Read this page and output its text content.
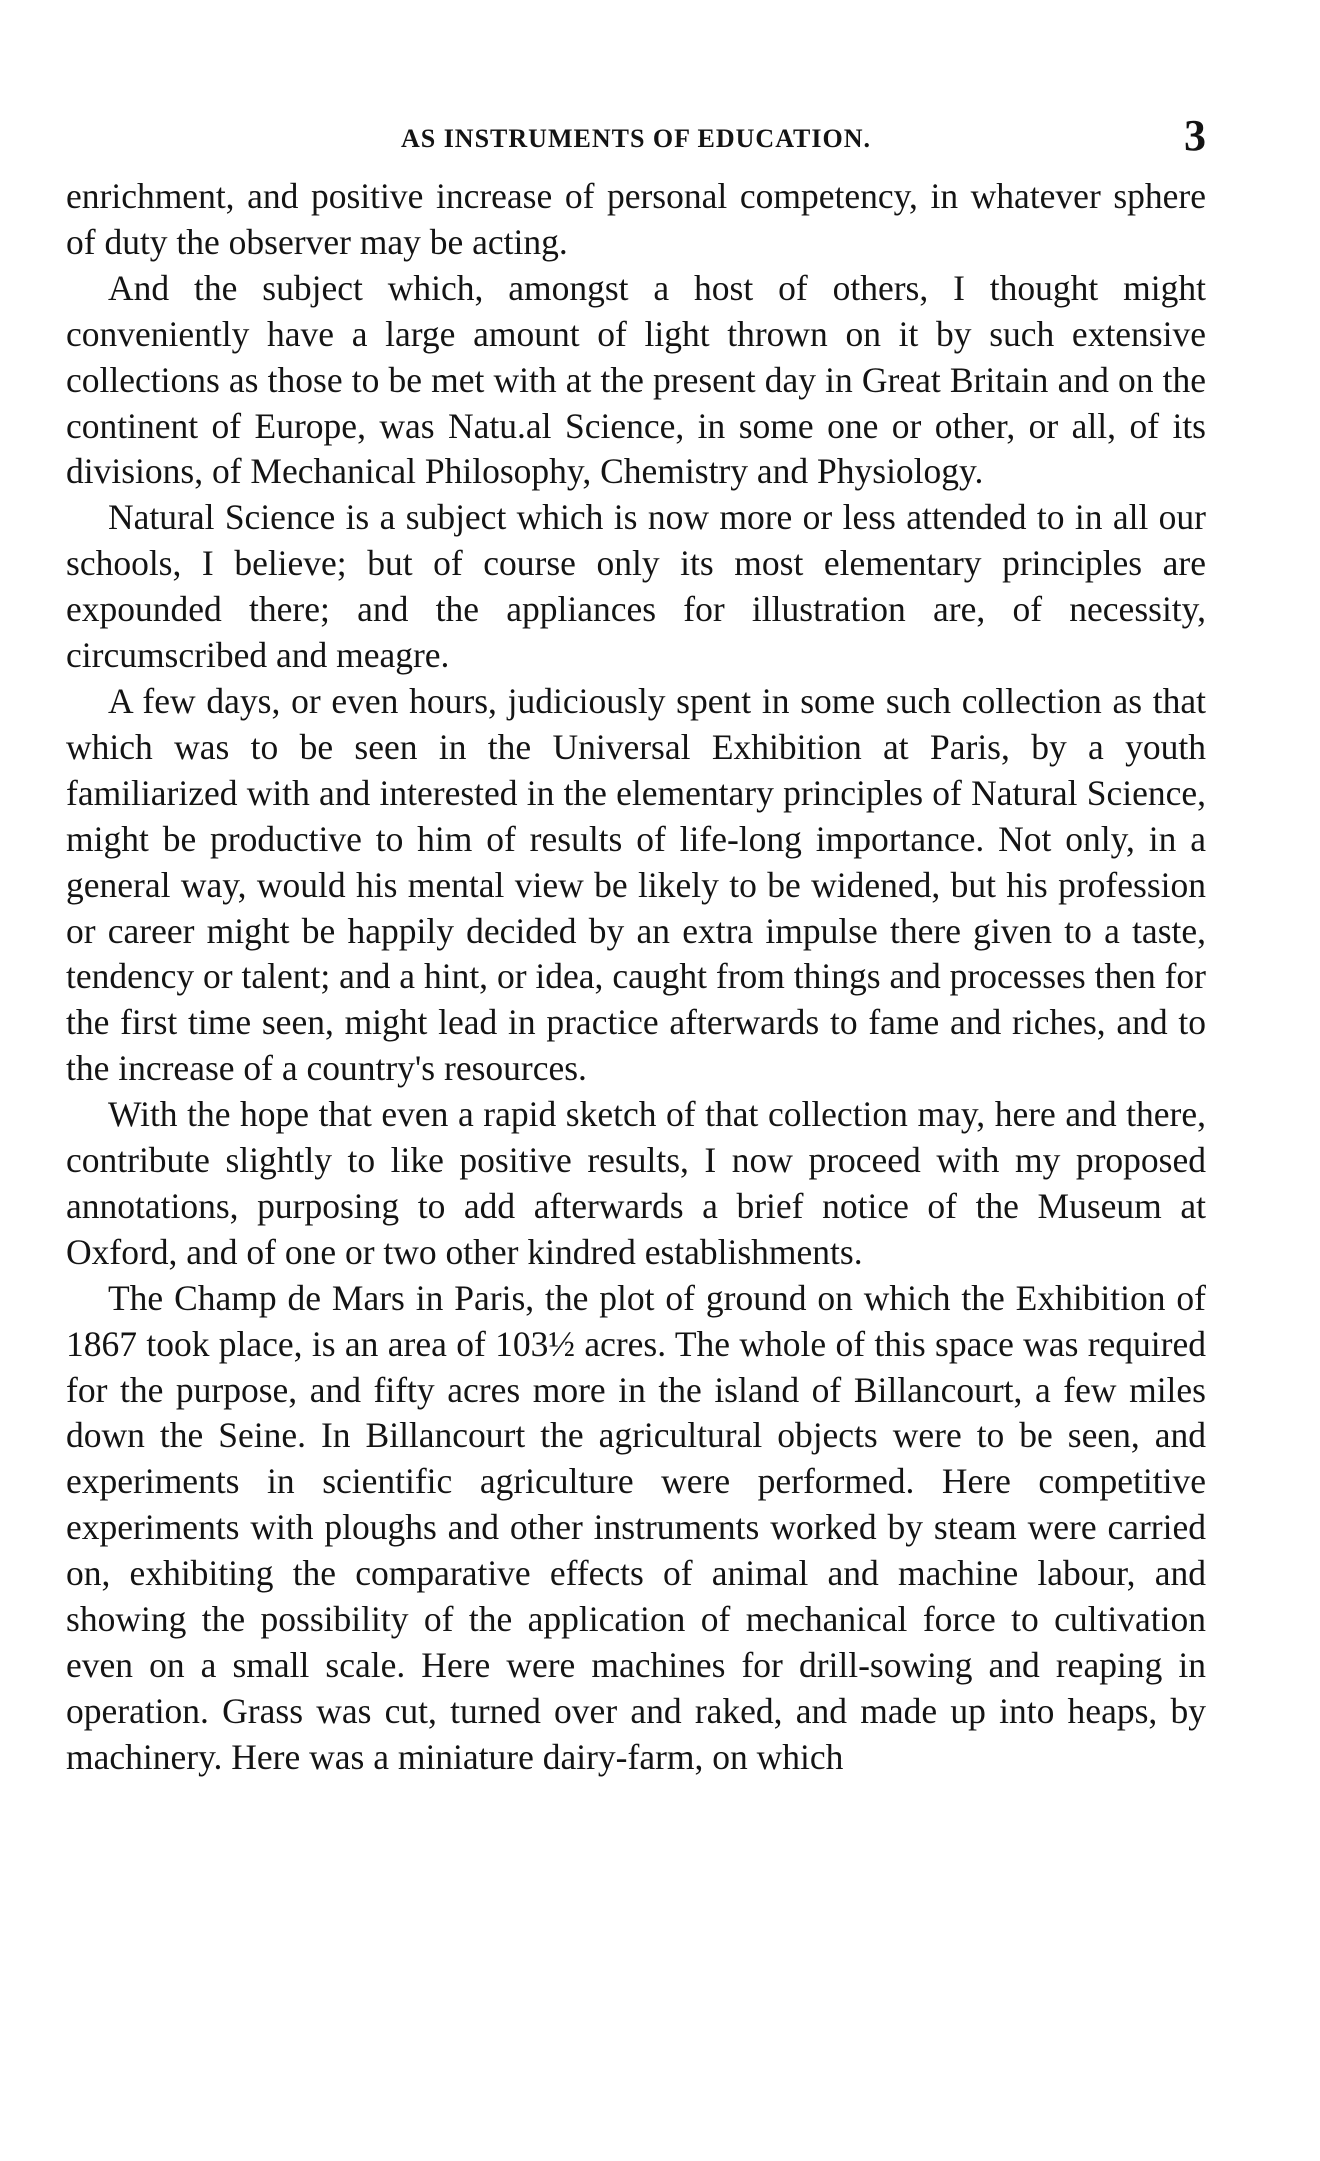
AS INSTRUMENTS OF EDUCATION.	3

enrichment, and positive increase of personal competency, in whatever sphere of duty the observer may be acting.

And the subject which, amongst a host of others, I thought might conveniently have a large amount of light thrown on it by such extensive collections as those to be met with at the present day in Great Britain and on the continent of Europe, was Natu.al Science, in some one or other, or all, of its divisions, of Mechanical Philosophy, Chemistry and Physiology.

Natural Science is a subject which is now more or less attended to in all our schools, I believe; but of course only its most elementary principles are expounded there; and the appliances for illustration are, of necessity, circumscribed and meagre.

A few days, or even hours, judiciously spent in some such collection as that which was to be seen in the Universal Exhibition at Paris, by a youth familiarized with and interested in the elementary principles of Natural Science, might be productive to him of results of life-long importance. Not only, in a general way, would his mental view be likely to be widened, but his profession or career might be happily decided by an extra impulse there given to a taste, tendency or talent; and a hint, or idea, caught from things and processes then for the first time seen, might lead in practice afterwards to fame and riches, and to the increase of a country's resources.

With the hope that even a rapid sketch of that collection may, here and there, contribute slightly to like positive results, I now proceed with my proposed annotations, purposing to add afterwards a brief notice of the Museum at Oxford, and of one or two other kindred establishments.

The Champ de Mars in Paris, the plot of ground on which the Exhibition of 1867 took place, is an area of 103½ acres. The whole of this space was required for the purpose, and fifty acres more in the island of Billancourt, a few miles down the Seine. In Billancourt the agricultural objects were to be seen, and experiments in scientific agriculture were performed. Here competitive experiments with ploughs and other instruments worked by steam were carried on, exhibiting the comparative effects of animal and machine labour, and showing the possibility of the application of mechanical force to cultivation even on a small scale. Here were machines for drill-sowing and reaping in operation. Grass was cut, turned over and raked, and made up into heaps, by machinery. Here was a miniature dairy-farm, on which
